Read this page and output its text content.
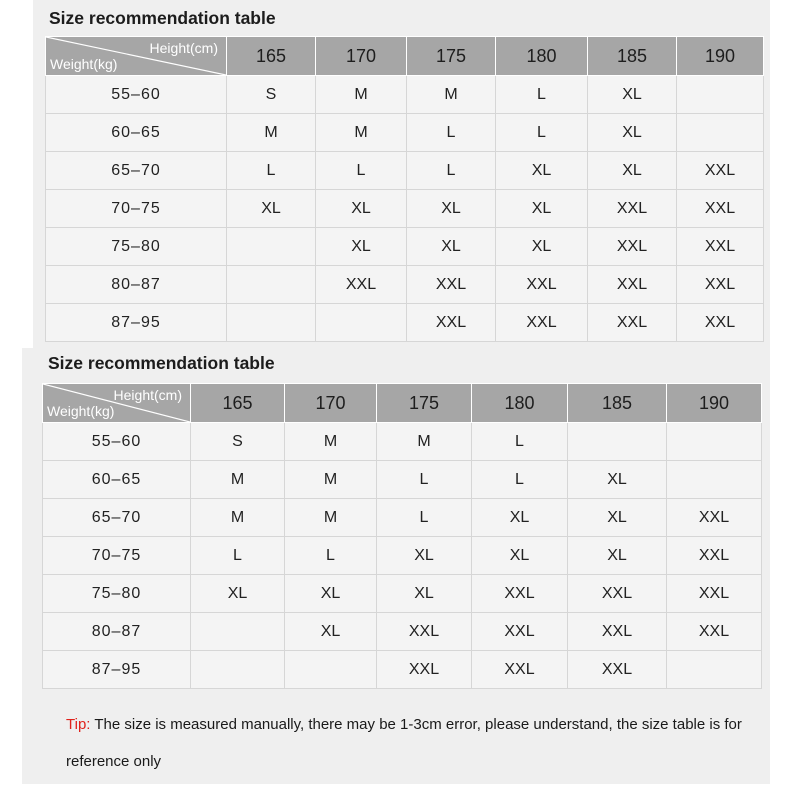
Size recommendation table
Size recommendation table
Height(cm)
Weight(kg)	165	170	175	180	185	190
55–60	S	M	M	L	XL	
60–65	M	M	L	L	XL	
65–70	L	L	L	XL	XL	XXL
70–75	XL	XL	XL	XL	XXL	XXL
75–80		XL	XL	XL	XXL	XXL
80–87		XXL	XXL	XXL	XXL	XXL
87–95			XXL	XXL	XXL	XXL
Height(cm)
Weight(kg)	165	170	175	180	185	190
55–60	S	M	M	L		
60–65	M	M	L	L	XL	
65–70	M	M	L	XL	XL	XXL
70–75	L	L	XL	XL	XL	XXL
75–80	XL	XL	XL	XXL	XXL	XXL
80–87		XL	XXL	XXL	XXL	XXL
87–95			XXL	XXL	XXL	
Tip: The size is measured manually, there may be 1-3cm error, please understand, the size table is for reference only
